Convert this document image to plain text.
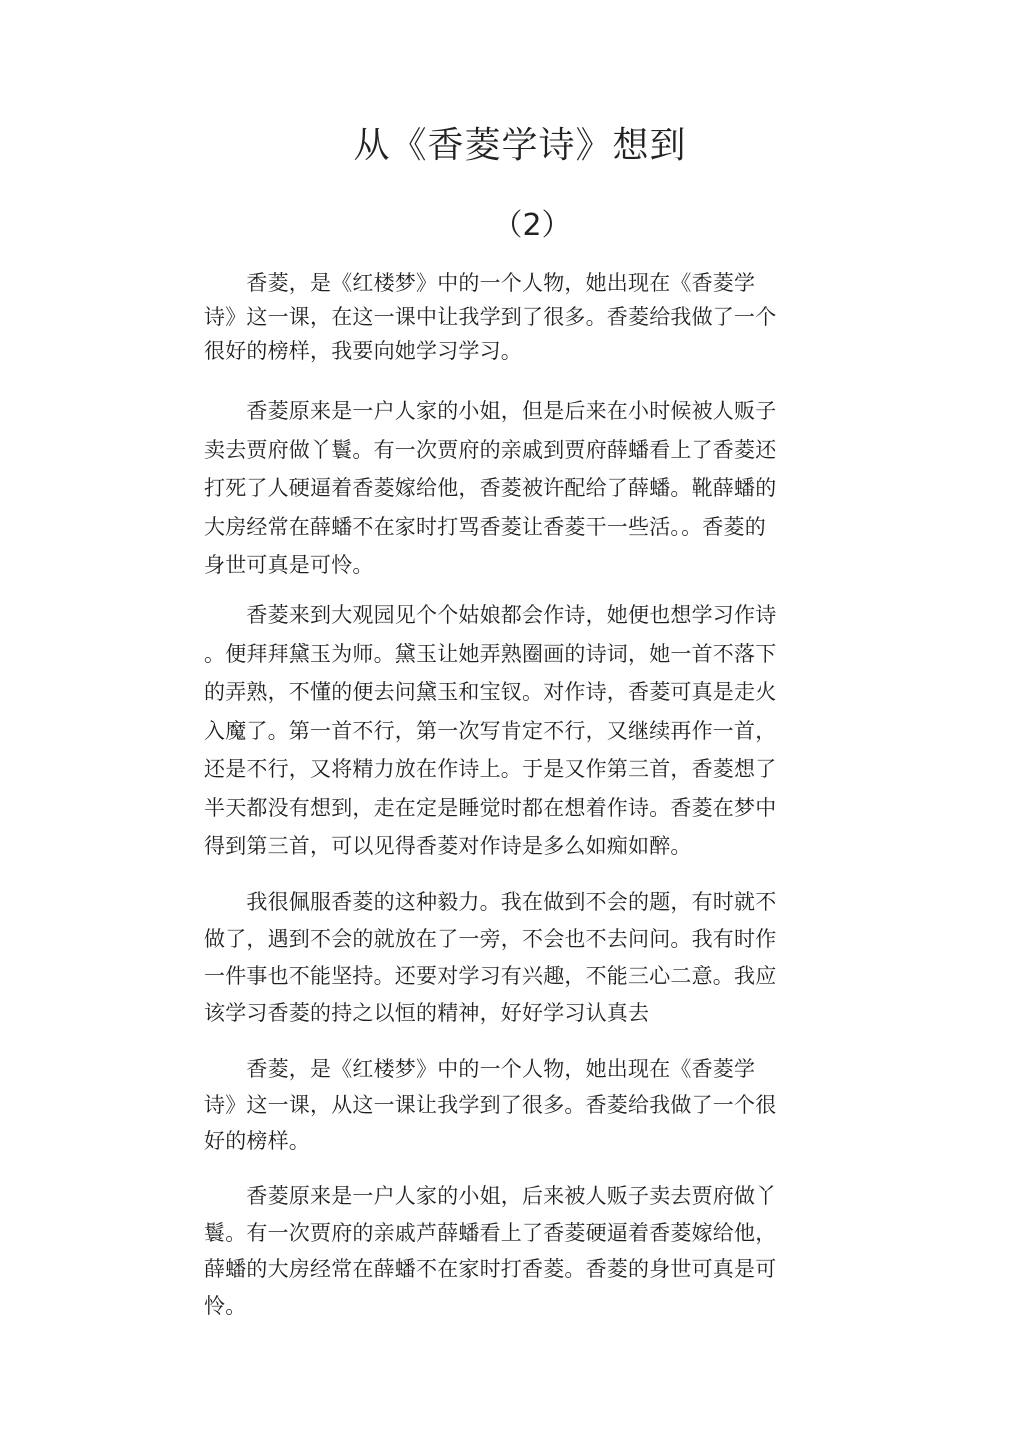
从《香菱学诗》想到
（2）

　　香菱，是《红楼梦》中的一个人物，她出现在《香菱学
诗》这一课，在这一课中让我学到了很多。香菱给我做了一个
很好的榜样，我要向她学习学习。

　　香菱原来是一户人家的小姐，但是后来在小时候被人贩子
卖去贾府做丫鬟。有一次贾府的亲戚到贾府薛蟠看上了香菱还
打死了人硬逼着香菱嫁给他，香菱被许配给了薛蟠。靴薛蟠的
大房经常在薛蟠不在家时打骂香菱让香菱干一些活。。香菱的
身世可真是可怜。

　　香菱来到大观园见个个姑娘都会作诗，她便也想学习作诗
。便拜拜黛玉为师。黛玉让她弄熟圈画的诗词，她一首不落下
的弄熟，不懂的便去问黛玉和宝钗。对作诗，香菱可真是走火
入魔了。第一首不行，第一次写肯定不行，又继续再作一首，
还是不行，又将精力放在作诗上。于是又作第三首，香菱想了
半天都没有想到，走在定是睡觉时都在想着作诗。香菱在梦中
得到第三首，可以见得香菱对作诗是多么如痴如醉。

　　我很佩服香菱的这种毅力。我在做到不会的题，有时就不
做了，遇到不会的就放在了一旁，不会也不去问问。我有时作
一件事也不能坚持。还要对学习有兴趣，不能三心二意。我应
该学习香菱的持之以恒的精神，好好学习认真去

　　香菱，是《红楼梦》中的一个人物，她出现在《香菱学
诗》这一课，从这一课让我学到了很多。香菱给我做了一个很
好的榜样。

　　香菱原来是一户人家的小姐，后来被人贩子卖去贾府做丫
鬟。有一次贾府的亲戚芦薛蟠看上了香菱硬逼着香菱嫁给他，
薛蟠的大房经常在薛蟠不在家时打香菱。香菱的身世可真是可
怜。
